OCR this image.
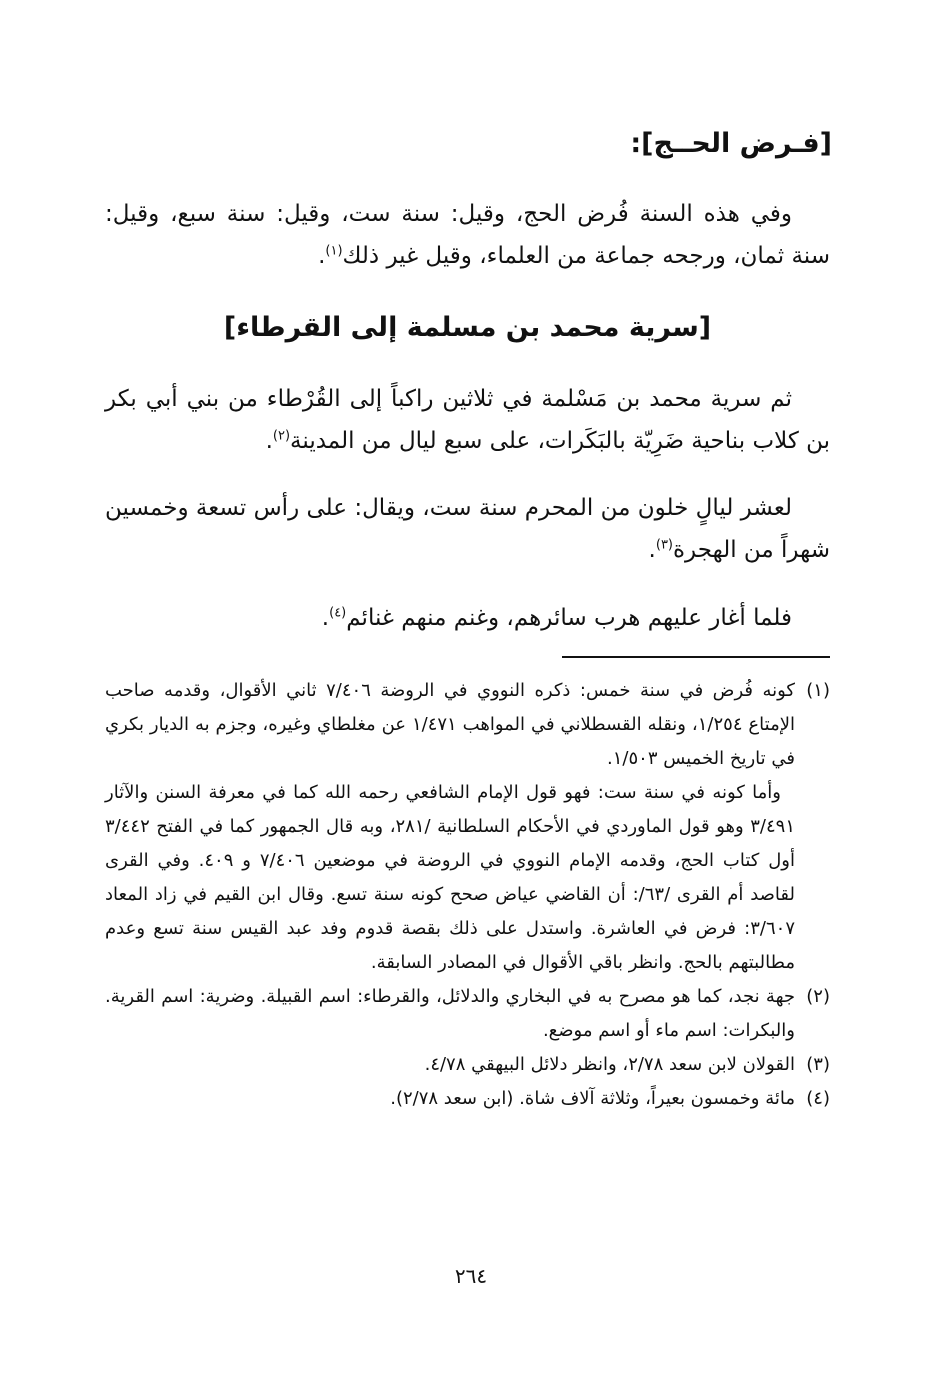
[فـرض الحــج]:

وفي هذه السنة فُرض الحج، وقيل: سنة ست، وقيل: سنة سبع، وقيل: سنة ثمان، ورجحه جماعة من العلماء، وقيل غير ذلك$^{(١)}$.

[سرية محمد بن مسلمة إلى القرطاء]

ثم سرية محمد بن مَسْلمة في ثلاثين راكباً إلى القُرْطاء من بني أبي بكر بن كلاب بناحية ضَرِيّة بالبَكَرات، على سبع ليال من المدينة$^{(٢)}$.

لعشر ليالٍ خلون من المحرم سنة ست، ويقال: على رأس تسعة وخمسين شهراً من الهجرة$^{(٣)}$.

فلما أغار عليهم هرب سائرهم، وغنم منهم غنائم$^{(٤)}$.

(١)

كونه فُرض في سنة خمس: ذكره النووي في الروضة ٧/٤٠٦ ثاني الأقوال، وقدمه صاحب الإمتاع ١/٢٥٤، ونقله القسطلاني في المواهب ١/٤٧١ عن مغلطاي وغيره، وجزم به الديار بكري في تاريخ الخميس ١/٥٠٣.

وأما كونه في سنة ست: فهو قول الإمام الشافعي رحمه الله كما في معرفة السنن والآثار ٣/٤٩١ وهو قول الماوردي في الأحكام السلطانية /٢٨١، وبه قال الجمهور كما في الفتح ٣/٤٤٢ أول كتاب الحج، وقدمه الإمام النووي في الروضة في موضعين ٧/٤٠٦ و ٤٠٩. وفي القرى لقاصد أم القرى /٦٣/: أن القاضي عياض صحح كونه سنة تسع. وقال ابن القيم في زاد المعاد ٣/٦٠٧: فرض في العاشرة. واستدل على ذلك بقصة قدوم وفد عبد القيس سنة تسع وعدم مطالبتهم بالحج. وانظر باقي الأقوال في المصادر السابقة.

(٢)

جهة نجد، كما هو مصرح به في البخاري والدلائل، والقرطاء: اسم القبيلة. وضرية: اسم القرية. والبكرات: اسم ماء أو اسم موضع.

(٣)

القولان لابن سعد ٢/٧٨، وانظر دلائل البيهقي ٤/٧٨.

(٤)

مائة وخمسون بعيراً، وثلاثة آلاف شاة. (ابن سعد ٢/٧٨).

٢٦٤
